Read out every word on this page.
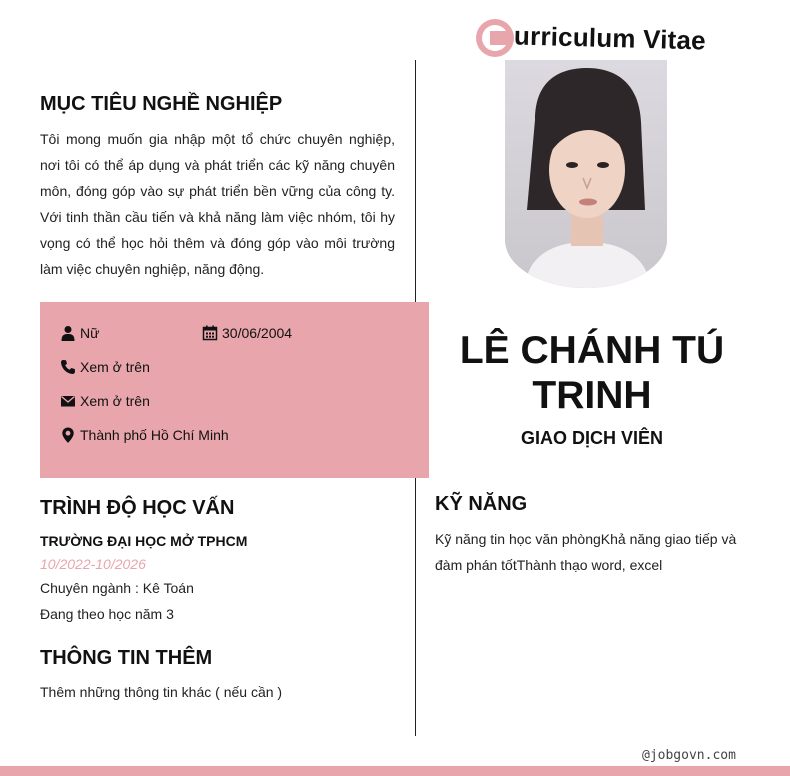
urriculum Vitae
MỤC TIÊU NGHỀ NGHIỆP
Tôi mong muốn gia nhập một tổ chức chuyên nghiệp, nơi tôi có thể áp dụng và phát triển các kỹ năng chuyên môn, đóng góp vào sự phát triển bền vững của công ty. Với tinh thần cầu tiến và khả năng làm việc nhóm, tôi hy vọng có thể học hỏi thêm và đóng góp vào môi trường làm việc chuyên nghiệp, năng động.
Nữ	30/06/2004
Xem ở trên
Xem ở trên
Thành phố Hồ Chí Minh
LÊ CHÁNH TÚ TRINH
GIAO DỊCH VIÊN
TRÌNH ĐỘ HỌC VẤN
TRƯỜNG ĐẠI HỌC MỞ TPHCM
10/2022-10/2026
Chuyên ngành : Kê Toán
Đang theo học năm 3
THÔNG TIN THÊM
Thêm những thông tin khác ( nếu cần )
KỸ NĂNG
Kỹ năng tin học văn phòngKhả năng giao tiếp và đàm phán tốtThành thạo word, excel
@jobgovn.com
